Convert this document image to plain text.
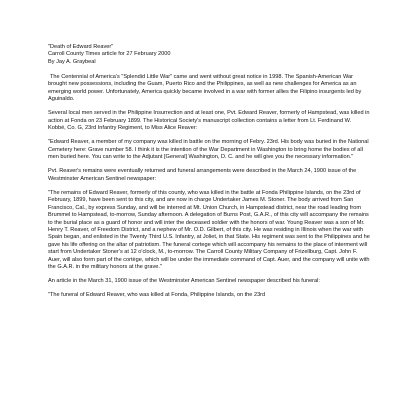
"Death of Edward Reaver"

Carroll County Times article for 27 February 2000

By Jay A. Graybeal

The Centennial of America's "Splendid Little War" came and went without great notice in 1998. The Spanish-American War brought new possessions, including the Guam, Puerto Rico and the Philippines, as well as new challenges for America as an emerging world power. Unfortunately, America quickly became involved in a war with former allies the Filipino insurgents led by Aguinaldo.

Several local men served in the Philippine Insurrection and at least one, Pvt. Edward Reaver, formerly of Hampstead, was killed in action at Fonda on 23 February 1899. The Historical Society's manuscript collection contains a letter from Lt. Ferdinand W. Kobbé, Co. G, 23rd Infantry Regiment, to Miss Alice Reaver:

"Edward Reaver, a member of my company was killed in battle on the morning of Febry. 23rd. His body was buried in the National Cemetery here: Grave number 58. I think it is the intention of the War Department in Washington to bring home the bodies of all men buried here. You can write to the Adjutant [General] Washington, D. C. and he will give you the necessary information."

Pvt. Reaver's remains were eventually returned and funeral arrangements were described in the March 24, 1900 issue of the Westminster American Sentinel newspaper:

"The remains of Edward Reaver, formerly of this county, who was killed in the battle at Fonda Philippine Islands, on the 23rd of February, 1899, have been sent to this city, and are now in charge Undertaker James M. Stoner. The body arrived from San Francisco, Cal., by express Sunday, and will be interred at Mt. Union Church, in Hampstead district, near the road leading from Brummel to Hampstead, to-morrow, Sunday afternoon. A delegation of Burns Post, G.A.R., of this city will accompany the remains to the burial place as a guard of honor and will inter the deceased soldier with the honors of war. Young Reaver was a son of Mr. Henry T. Reaver, of Freedom District, and a nephew of Mr. O.D. Gilbert, of this city. He was residing in Illinois when the war with Spain began, and enlisted in the Twenty Third U.S. Infantry, at Joliet, in that State. His regiment was sent to the Philippines and he gave his life offering on the altar of patriotism. The funeral cortege which will accompany his remains to the place of interment will start from Undertaker Stoner's at 12 o'clock, M., to-morrow. The Carroll County Military Company of Frizellburg, Capt. John F. Auer, will also form part of the cortège, which will be under the immediate command of Capt. Auer, and the company will unite with the G.A.R. in the military honors at the grave."

An article in the March 31, 1900 issue of the Westminster American Sentinel newspaper described his funeral:

"The funeral of Edward Reaver, who was killed at Fonda, Philippine Islands, on the 23rd
